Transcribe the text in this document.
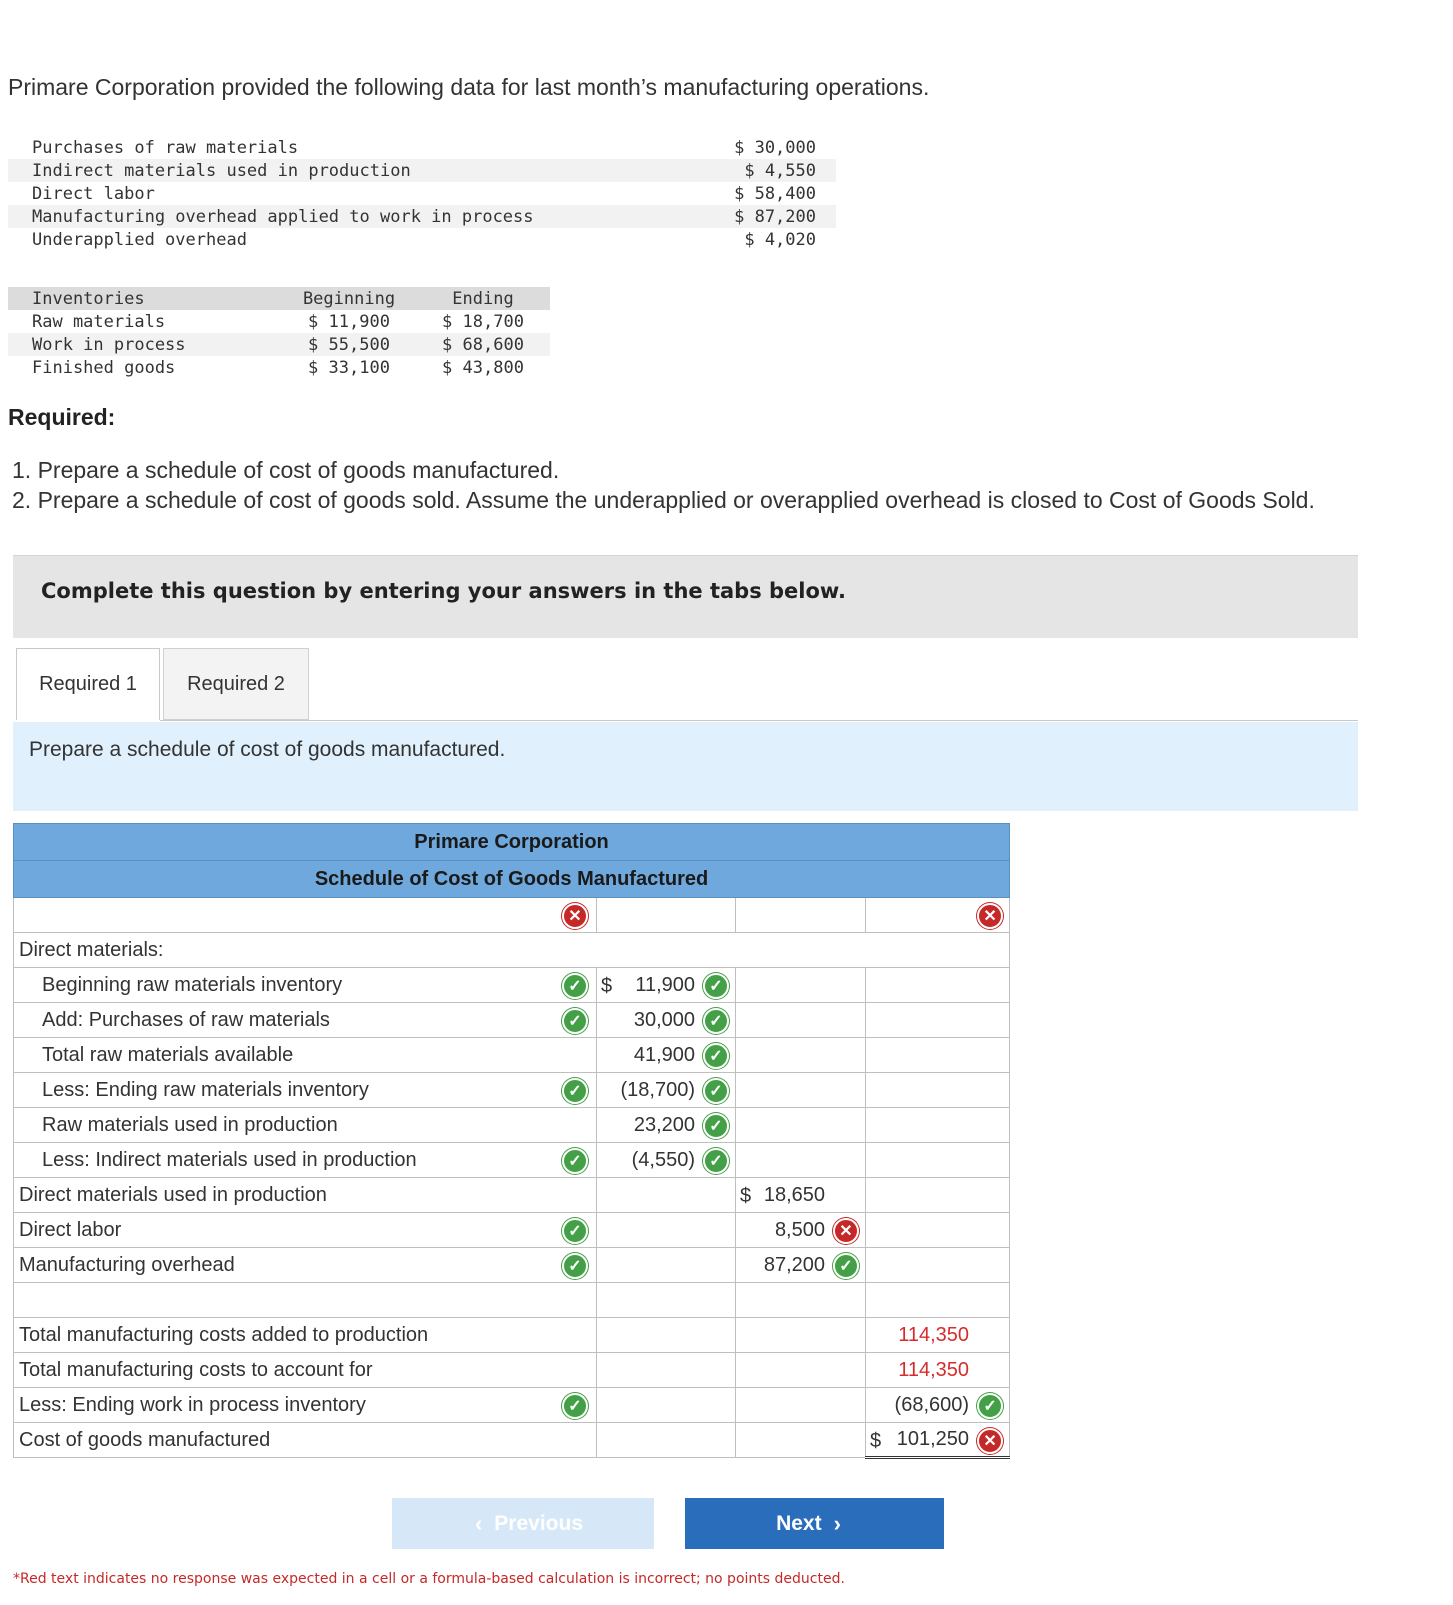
Primare Corporation provided the following data for last month’s manufacturing operations.
Purchases of raw materials	$ 30,000
Indirect materials used in production	$ 4,550
Direct labor	$ 58,400
Manufacturing overhead applied to work in process	$ 87,200
Underapplied overhead	$ 4,020
Inventories	Beginning	Ending
Raw materials	$ 11,900	$ 18,700
Work in process	$ 55,500	$ 68,600
Finished goods	$ 33,100	$ 43,800
Required:
1. Prepare a schedule of cost of goods manufactured.
2. Prepare a schedule of cost of goods sold. Assume the underapplied or overapplied overhead is closed to Cost of Goods Sold.
Complete this question by entering your answers in the tabs below.
Required 1	Required 2
Prepare a schedule of cost of goods manufactured.
Primare Corporation			
Schedule of Cost of Goods Manufactured			

✕			✕

Direct materials:			
Beginning raw materials inventory ✓	$ 11,900 ✓		

Add: Purchases of raw materials ✓	30,000 ✓		

Total raw materials available	41,900 ✓		

Less: Ending raw materials inventory ✓	(18,700) ✓		

Raw materials used in production	23,200 ✓		

Less: Indirect materials used in production ✓	(4,550) ✓		

Direct materials used in production		$ 18,650	
Direct labor ✓		8,500 ✕	

Manufacturing overhead ✓		87,200 ✓	

Total manufacturing costs added to production			114,350
Total manufacturing costs to account for			114,350
Less: Ending work in process inventory ✓			(68,600) ✓

Cost of goods manufactured			$ 101,250 ✕
‹ Previous	Next ›
*Red text indicates no response was expected in a cell or a formula-based calculation is incorrect; no points deducted.
